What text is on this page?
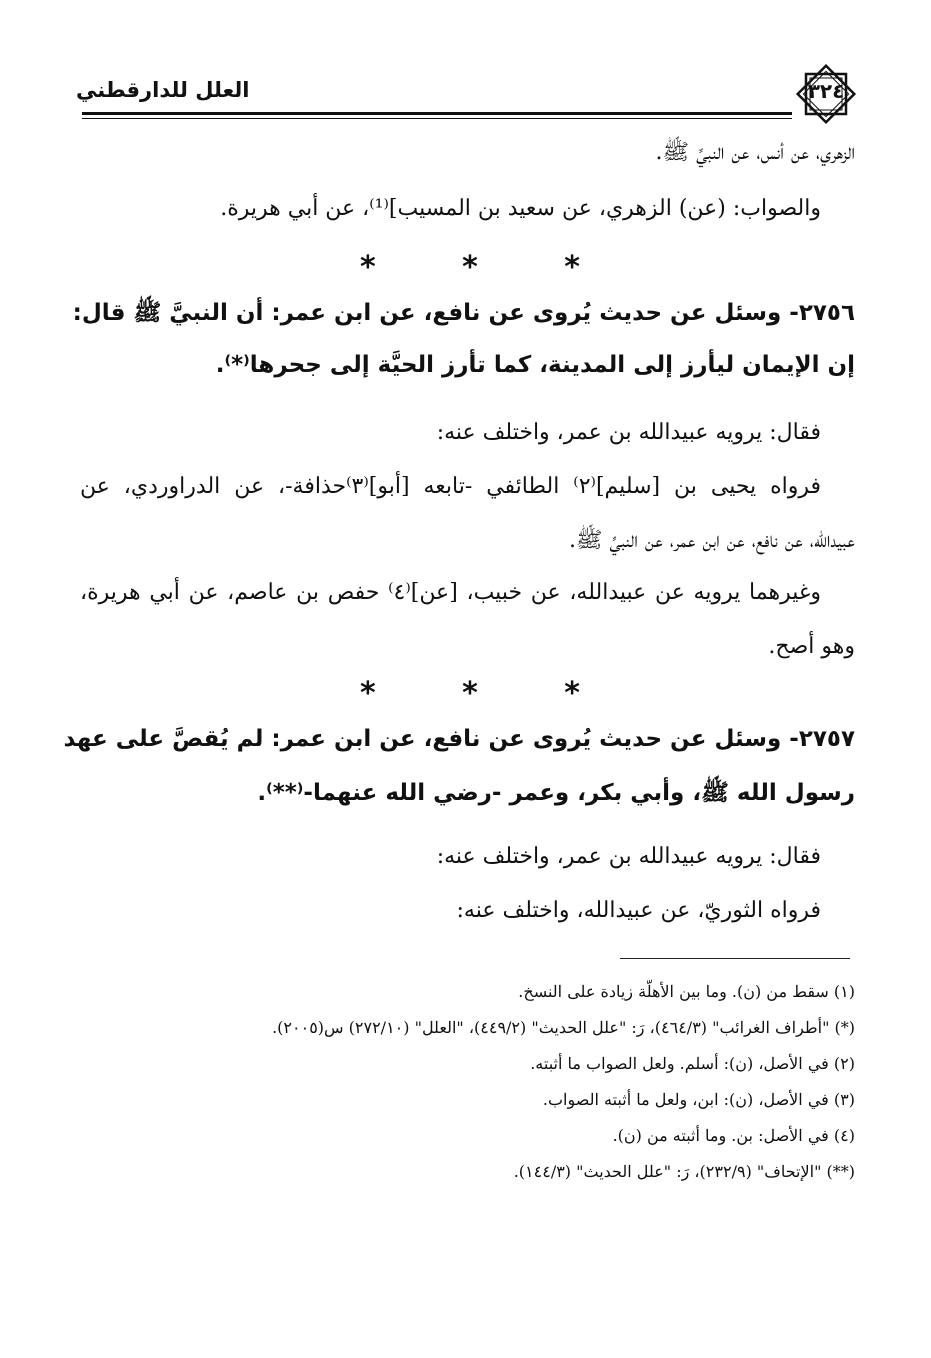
العلل للدارقطني	٣٢٤
الزهري، عن أنس، عن النبيِّ ﷺ.
والصواب: (عن) الزهري، عن سعيد بن المسيب]⁽¹⁾، عن أبي هريرة.
*	*	*
٢٧٥٦- وسئل عن حديث يُروى عن نافع، عن ابن عمر: أن النبيَّ ﷺ قال:
إن الإيمان ليأرز إلى المدينة، كما تأرز الحيَّة إلى جحرها⁽*⁾.
فقال: يرويه عبيدالله بن عمر، واختلف عنه:
فرواه يحيى بن [سليم]⁽٢⁾ الطائفي -تابعه [أبو]⁽٣⁾حذافة-، عن الدراوردي، عن
عبيدالله، عن نافع، عن ابن عمر، عن النبيِّ ﷺ.
وغيرهما يرويه عن عبيدالله، عن خبيب، [عن]⁽٤⁾ حفص بن عاصم، عن أبي هريرة،
وهو أصح.
*	*	*
٢٧٥٧- وسئل عن حديث يُروى عن نافع، عن ابن عمر: لم يُقصَّ على عهد
رسول الله ﷺ، وأبي بكر، وعمر -رضي الله عنهما-⁽**⁾.
فقال: يرويه عبيدالله بن عمر، واختلف عنه:
فرواه الثوريّ، عن عبيدالله، واختلف عنه:
(١) سقط من (ن). وما بين الأهلّة زيادة على النسخ.
(*) "أطراف الغرائب" (٤٦٤/٣)، رَ: "علل الحديث" (٤٤٩/٢)، "العلل" (٢٧٢/١٠) س(٢٠٠٥).
(٢) في الأصل، (ن): أسلم. ولعل الصواب ما أثبته.
(٣) في الأصل، (ن): ابن، ولعل ما أثبته الصواب.
(٤) في الأصل: بن. وما أثبته من (ن).
(**) "الإتحاف" (٢٣٢/٩)، رَ: "علل الحديث" (١٤٤/٣).
